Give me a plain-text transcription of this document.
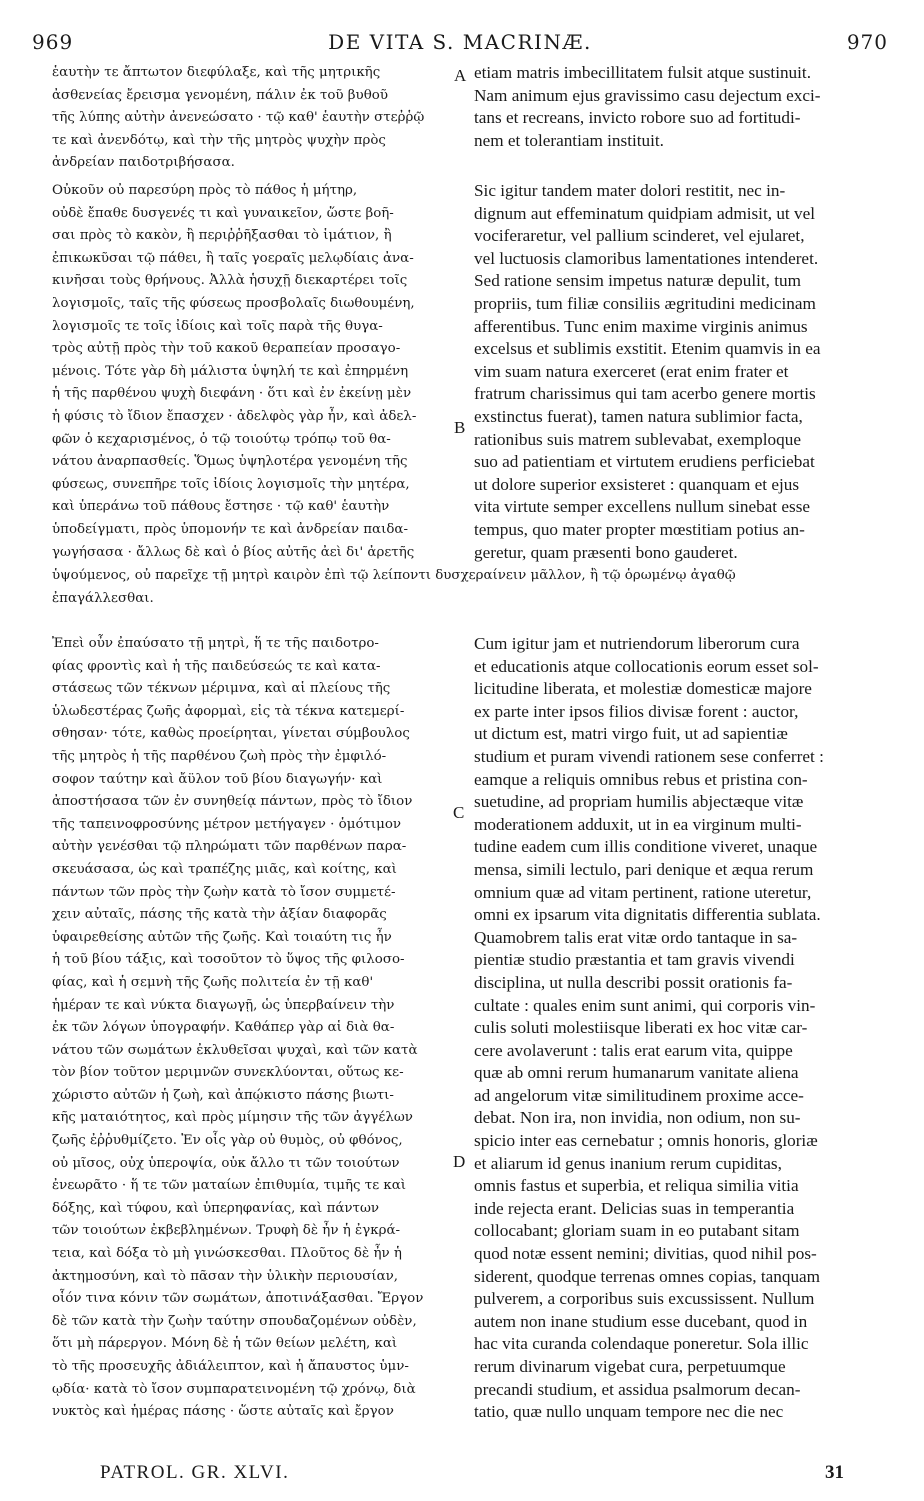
969	DE VITA S. MACRINÆ.	970
ἑαυτὴν τε ἄπτωτον διεφύλαξε, καὶ τῆς μητρικῆς
ἀσθενείας ἔρεισμα γενομένη, πάλιν ἐκ τοῦ βυθοῦ
τῆς λύπης αὐτὴν ἀνενεώσατο · τῷ καθ' ἑαυτὴν στεῤῥῷ
τε καὶ ἀνενδότῳ, καὶ τὴν τῆς μητρὸς ψυχὴν πρὸς
ἀνδρείαν παιδοτριβήσασα.
etiam matris imbecillitatem fulsit atque sustinuit.
Nam animum ejus gravissimo casu dejectum exci-
tans et recreans, invicto robore suo ad fortitudi-
nem et tolerantiam instituit.
Οὐκοῦν οὐ παρεσύρη πρὸς τὸ πάθος ἡ μήτηρ,
οὐδὲ ἔπαθε δυσγενές τι καὶ γυναικεῖον, ὥστε βοῆ-
σαι πρὸς τὸ κακὸν, ἢ περιῤῥῆξασθαι τὸ ἱμάτιον, ἢ
ἐπικωκῦσαι τῷ πάθει, ἢ ταῖς γοεραῖς μελῳδίαις ἀνα-
κινῆσαι τοὺς θρήνους. Ἀλλὰ ἡσυχῇ διεκαρτέρει τοῖς
λογισμοῖς, ταῖς τῆς φύσεως προσβολαῖς διωθουμένη,
λογισμοῖς τε τοῖς ἰδίοις καὶ τοῖς παρὰ τῆς θυγα-
τρὸς αὐτῇ πρὸς τὴν τοῦ κακοῦ θεραπείαν προσαγο-
μένοις. Τότε γὰρ δὴ μάλιστα ὑψηλή τε καὶ ἐπηρμένη
ἡ τῆς παρθένου ψυχὴ διεφάνη · ὅτι καὶ ἐν ἐκείνῃ μὲν
ἡ φύσις τὸ ἴδιον ἔπασχεν · ἀδελφὸς γὰρ ἦν, καὶ ἀδελ-
φῶν ὁ κεχαρισμένος, ὁ τῷ τοιούτῳ τρόπῳ τοῦ θα-
νάτου ἀναρπασθείς. Ὅμως ὑψηλοτέρα γενομένη τῆς
φύσεως, συνεπῆρε τοῖς ἰδίοις λογισμοῖς τὴν μητέρα,
καὶ ὑπεράνω τοῦ πάθους ἔστησε · τῷ καθ' ἑαυτὴν
ὑποδείγματι, πρὸς ὑπομονήν τε καὶ ἀνδρείαν παιδα-
γωγήσασα · ἄλλως δὲ καὶ ὁ βίος αὐτῆς ἀεὶ δι' ἀρετῆς
Sic igitur tandem mater dolori restitit, nec in-
dignum aut effeminatum quidpiam admisit, ut vel
vociferaretur, vel pallium scinderet, vel ejularet,
vel luctuosis clamoribus lamentationes intenderet.
Sed ratione sensim impetus naturæ depulit, tum
propriis, tum filiæ consiliis ægritudini medicinam
afferentibus. Tunc enim maxime virginis animus
excelsus et sublimis exstitit. Etenim quamvis in ea
vim suam natura exerceret (erat enim frater et
fratrum charissimus qui tam acerbo genere mortis
exstinctus fuerat), tamen natura sublimior facta,
rationibus suis matrem sublevabat, exemploque
suo ad patientiam et virtutem erudiens perficiebat
ut dolore superior exsisteret : quanquam et ejus
vita virtute semper excellens nullum sinebat esse
tempus, quo mater propter mœstitiam potius an-
geretur, quam præsenti bono gauderet.
ὑψούμενος, οὐ παρεῖχε τῇ μητρὶ καιρὸν ἐπὶ τῷ λείποντι δυσχεραίνειν μᾶλλον, ἢ τῷ ὁρωμένῳ ἀγαθῷ
ἐπαγάλλεσθαι.
Ἐπεὶ οὖν ἐπαύσατο τῇ μητρὶ, ἥ τε τῆς παιδοτρο-
φίας φροντὶς καὶ ἡ τῆς παιδεύσεώς τε καὶ κατα-
στάσεως τῶν τέκνων μέριμνα, καὶ αἱ πλείους τῆς
ὑλωδεστέρας ζωῆς ἀφορμαὶ, εἰς τὰ τέκνα κατεμερί-
σθησαν· τότε, καθὼς προείρηται, γίνεται σύμβουλος
τῆς μητρὸς ἡ τῆς παρθένου ζωὴ πρὸς τὴν ἐμφιλό-
σοφον ταύτην καὶ ἄϋλον τοῦ βίου διαγωγήν· καὶ
ἀποστήσασα τῶν ἐν συνηθείᾳ πάντων, πρὸς τὸ ἴδιον
τῆς ταπεινοφροσύνης μέτρον μετήγαγεν · ὁμότιμον
αὐτὴν γενέσθαι τῷ πληρώματι τῶν παρθένων παρα-
σκευάσασα, ὡς καὶ τραπέζης μιᾶς, καὶ κοίτης, καὶ
πάντων τῶν πρὸς τὴν ζωὴν κατὰ τὸ ἴσον συμμετέ-
χειν αὐταῖς, πάσης τῆς κατὰ τὴν ἀξίαν διαφορᾶς
ὑφαιρεθείσης αὐτῶν τῆς ζωῆς. Καὶ τοιαύτη τις ἦν
ἡ τοῦ βίου τάξις, καὶ τοσοῦτον τὸ ὕψος τῆς φιλοσο-
φίας, καὶ ἡ σεμνὴ τῆς ζωῆς πολιτεία ἐν τῇ καθ'
ἡμέραν τε καὶ νύκτα διαγωγῇ, ὡς ὑπερβαίνειν τὴν
ἐκ τῶν λόγων ὑπογραφήν. Καθάπερ γὰρ αἱ διὰ θα-
νάτου τῶν σωμάτων ἐκλυθεῖσαι ψυχαὶ, καὶ τῶν κατὰ
τὸν βίον τοῦτον μεριμνῶν συνεκλύονται, οὕτως κε-
χώριστο αὐτῶν ἡ ζωὴ, καὶ ἀπῴκιστο πάσης βιωτι-
κῆς ματαιότητος, καὶ πρὸς μίμησιν τῆς τῶν ἀγγέλων
ζωῆς ἐῤῥυθμίζετο. Ἐν οἷς γὰρ οὐ θυμὸς, οὐ φθόνος,
οὐ μῖσος, οὐχ ὑπεροψία, οὐκ ἄλλο τι τῶν τοιούτων
ἐνεωρᾶτο · ἥ τε τῶν ματαίων ἐπιθυμία, τιμῆς τε καὶ
δόξης, καὶ τύφου, καὶ ὑπερηφανίας, καὶ πάντων
τῶν τοιούτων ἐκβεβλημένων. Τρυφὴ δὲ ἦν ἡ ἐγκρά-
τεια, καὶ δόξα τὸ μὴ γινώσκεσθαι. Πλοῦτος δὲ ἦν ἡ
ἀκτημοσύνη, καὶ τὸ πᾶσαν τὴν ὑλικὴν περιουσίαν,
οἷόν τινα κόνιν τῶν σωμάτων, ἀποτινάξασθαι. Ἔργον
δὲ τῶν κατὰ τὴν ζωὴν ταύτην σπουδαζομένων οὐδὲν,
ὅτι μὴ πάρεργον. Μόνη δὲ ἡ τῶν θείων μελέτη, καὶ
τὸ τῆς προσευχῆς ἀδιάλειπτον, καὶ ἡ ἄπαυστος ὑμν-
ῳδία· κατὰ τὸ ἴσον συμπαρατεινομένη τῷ χρόνῳ, διὰ
νυκτὸς καὶ ἡμέρας πάσης · ὥστε αὐταῖς καὶ ἔργον
Cum igitur jam et nutriendorum liberorum cura
et educationis atque collocationis eorum esset sol-
licitudine liberata, et molestiæ domesticæ majore
ex parte inter ipsos filios divisæ forent : auctor,
ut dictum est, matri virgo fuit, ut ad sapientiæ
studium et puram vivendi rationem sese conferret :
eamque a reliquis omnibus rebus et pristina con-
suetudine, ad propriam humilis abjectæque vitæ
moderationem adduxit, ut in ea virginum multi-
tudine eadem cum illis conditione viveret, unaque
mensa, simili lectulo, pari denique et æqua rerum
omnium quæ ad vitam pertinent, ratione uteretur,
omni ex ipsarum vita dignitatis differentia sublata.
Quamobrem talis erat vitæ ordo tantaque in sa-
pientiæ studio præstantia et tam gravis vivendi
disciplina, ut nulla describi possit orationis fa-
cultate : quales enim sunt animi, qui corporis vin-
culis soluti molestiisque liberati ex hoc vitæ car-
cere avolaverunt : talis erat earum vita, quippe
quæ ab omni rerum humanarum vanitate aliena
ad angelorum vitæ similitudinem proxime acce-
debat. Non ira, non invidia, non odium, non su-
spicio inter eas cernebatur ; omnis honoris, gloriæ
et aliarum id genus inanium rerum cupiditas,
omnis fastus et superbia, et reliqua similia vitia
inde rejecta erant. Delicias suas in temperantia
collocabant; gloriam suam in eo putabant sitam
quod notæ essent nemini; divitias, quod nihil pos-
siderent, quodque terrenas omnes copias, tanquam
pulverem, a corporibus suis excussissent. Nullum
autem non inane studium esse ducebant, quod in
hac vita curanda colendaque poneretur. Sola illic
rerum divinarum vigebat cura, perpetuumque
precandi studium, et assidua psalmorum decan-
tatio, quæ nullo unquam tempore nec die nec
A
B
C
D
PATROL. GR. XLVI.	31
